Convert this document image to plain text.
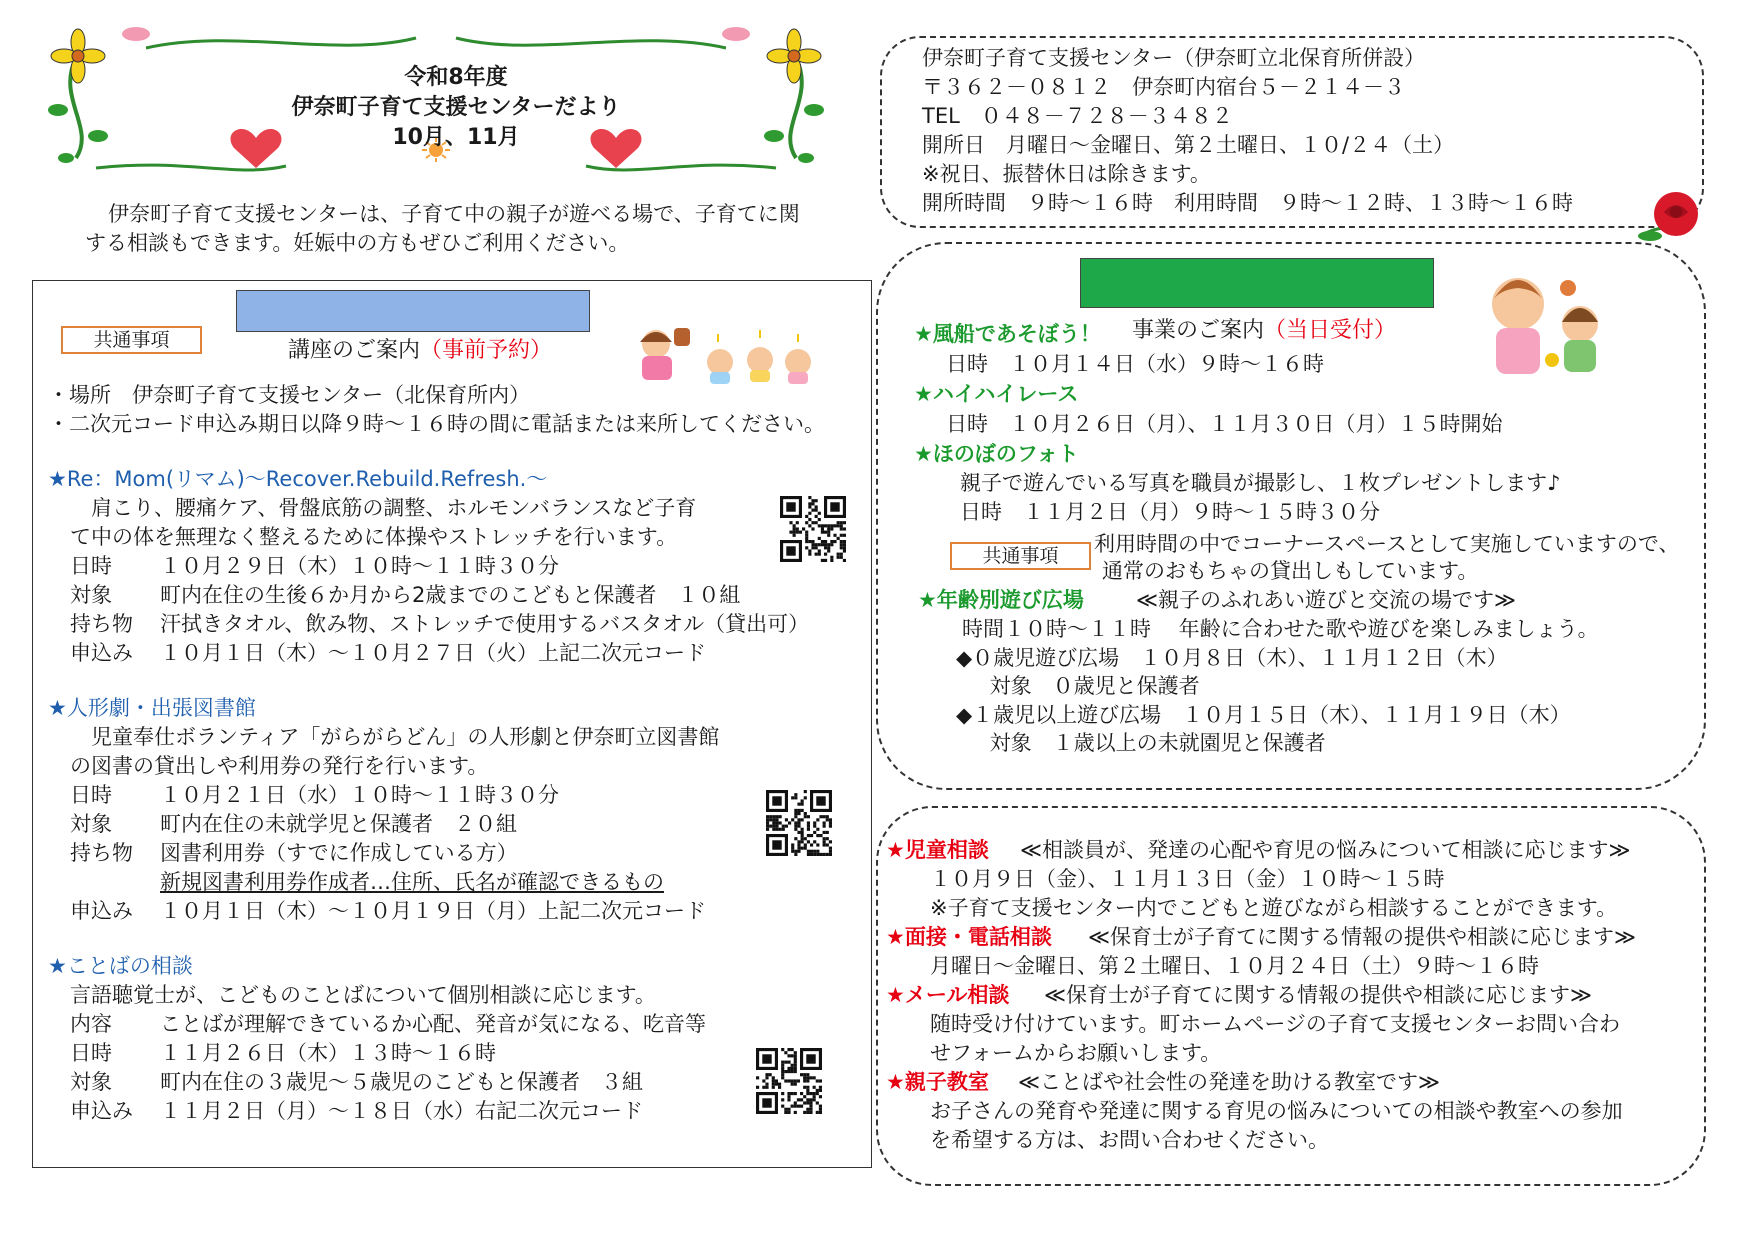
令和8年度
伊奈町子育て支援センターだより
10月、11月
伊奈町子育て支援センターは、子育て中の親子が遊べる場で、子育てに関
する相談もできます。妊娠中の方もぜひご利用ください。
伊奈町子育て支援センター（伊奈町立北保育所併設）
〒３６２－０８１２　伊奈町内宿台５－２１４－３
TEL　０４８－７２８－３４８２
開所日　月曜日～金曜日、第２土曜日、１０/２４（土）
※祝日、振替休日は除きます。
開所時間　９時～１６時　利用時間　９時～１２時、１３時～１６時

講座のご案内（事前予約）

共通事項
・場所　伊奈町子育て支援センター（北保育所内）
・二次元コード申込み期日以降９時～１６時の間に電話または来所してください。
★Re：Mom(リマム)～Recover.Rebuild.Refresh.～
　肩こり、腰痛ケア、骨盤底筋の調整、ホルモンバランスなど子育
て中の体を無理なく整えるために体操やストレッチを行います。
日時 １０月２９日（木）１０時～１１時３０分
対象 町内在住の生後６か月から2歳までのこどもと保護者　１０組
持ち物 汗拭きタオル、飲み物、ストレッチで使用するバスタオル（貸出可）
申込み １０月１日（木）～１０月２７日（火）上記二次元コード
★人形劇・出張図書館
　児童奉仕ボランティア「がらがらどん」の人形劇と伊奈町立図書館
の図書の貸出しや利用券の発行を行います。
日時 １０月２１日（水）１０時～１１時３０分
対象 町内在住の未就学児と保護者　２０組
持ち物 図書利用券（すでに作成している方）
新規図書利用券作成者…住所、氏名が確認できるもの
申込み １０月１日（木）～１０月１９日（月）上記二次元コード
★ことばの相談
言語聴覚士が、こどものことばについて個別相談に応じます。
内容 ことばが理解できているか心配、発音が気になる、吃音等
日時 １１月２６日（木）１３時～１６時
対象 町内在住の３歳児～５歳児のこどもと保護者　３組
申込み １１月２日（月）～１８日（水）右記二次元コード

事業のご案内（当日受付）

★風船であそぼう！
日時　１０月１４日（水）９時～１６時
★ハイハイレース
日時　１０月２６日（月）、１１月３０日（月）１５時開始
★ほのぼのフォト
親子で遊んでいる写真を職員が撮影し、１枚プレゼントします♪
日時　１１月２日（月）９時～１５時３０分
共通事項	利用時間の中でコーナースペースとして実施していますので、
通常のおもちゃの貸出しもしています。
★年齢別遊び広場 ≪親子のふれあい遊びと交流の場です≫
時間１０時～１１時　 年齢に合わせた歌や遊びを楽しみましょう。
◆０歳児遊び広場　１０月８日（木）、１１月１２日（木）
　 対象　０歳児と保護者
◆１歳児以上遊び広場　１０月１５日（木）、１１月１９日（木）
　 対象　１歳以上の未就園児と保護者
★児童相談 ≪相談員が、発達の心配や育児の悩みについて相談に応じます≫
１０月９日（金）、１１月１３日（金）１０時～１５時
※子育て支援センター内でこどもと遊びながら相談することができます。
★面接・電話相談 ≪保育士が子育てに関する情報の提供や相談に応じます≫
月曜日～金曜日、第２土曜日、１０月２４日（土）９時～１６時
★メール相談 ≪保育士が子育てに関する情報の提供や相談に応じます≫
随時受け付けています。町ホームページの子育て支援センターお問い合わ
せフォームからお願いします。
★親子教室 ≪ことばや社会性の発達を助ける教室です≫
お子さんの発育や発達に関する育児の悩みについての相談や教室への参加
を希望する方は、お問い合わせください。
